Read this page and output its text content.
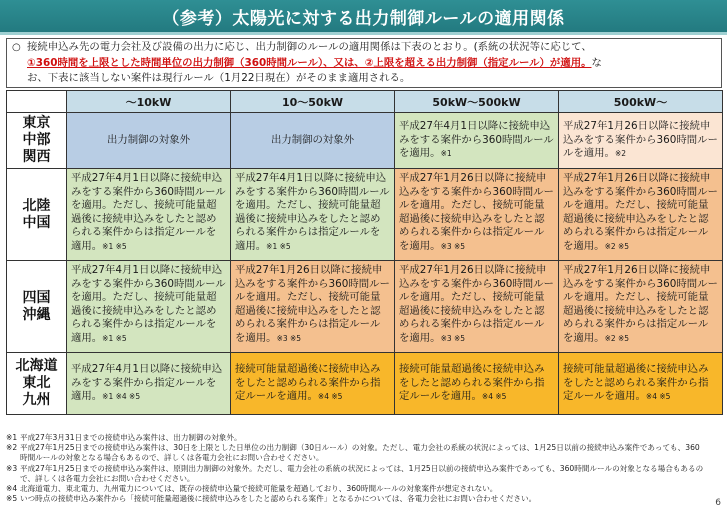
（参考）太陽光に対する出力制御ルールの適用関係
○ 接続申込み先の電力会社及び設備の出力に応じ、出力制御のルールの適用関係は下表のとおり。(系統の状況等に応じて、
①360時間を上限とした時間単位の出力制御（360時間ルール）、又は、②上限を超える出力制御（指定ルール）が適用。な
お、下表に該当しない案件は現行ルール（1月22日現在）がそのまま適用される。
	〜10kW	10〜50kW	50kW〜500kW	500kW〜
東京
中部
関西	出力制御の対象外	出力制御の対象外	平成27年4月1日以降に接続申込みをする案件から360時間ルールを適用。※1	平成27年1月26日以降に接続申込みをする案件から360時間ルールを適用。※2
北陸
中国	平成27年4月1日以降に接続申込みをする案件から360時間ルールを適用。ただし、接続可能量超過後に接続申込みをしたと認められる案件からは指定ルールを適用。※1 ※5	平成27年4月1日以降に接続申込みをする案件から360時間ルールを適用。ただし、接続可能量超過後に接続申込みをしたと認められる案件からは指定ルールを適用。※1 ※5	平成27年1月26日以降に接続申込みをする案件から360時間ルールを適用。ただし、接続可能量超過後に接続申込みをしたと認められる案件からは指定ルールを適用。※3 ※5	平成27年1月26日以降に接続申込みをする案件から360時間ルールを適用。ただし、接続可能量超過後に接続申込みをしたと認められる案件からは指定ルールを適用。※2 ※5
四国
沖縄	平成27年4月1日以降に接続申込みをする案件から360時間ルールを適用。ただし、接続可能量超過後に接続申込みをしたと認められる案件からは指定ルールを適用。※1 ※5	平成27年1月26日以降に接続申込みをする案件から360時間ルールを適用。ただし、接続可能量超過後に接続申込みをしたと認められる案件からは指定ルールを適用。※3 ※5	平成27年1月26日以降に接続申込みをする案件から360時間ルールを適用。ただし、接続可能量超過後に接続申込みをしたと認められる案件からは指定ルールを適用。※3 ※5	平成27年1月26日以降に接続申込みをする案件から360時間ルールを適用。ただし、接続可能量超過後に接続申込みをしたと認められる案件からは指定ルールを適用。※2 ※5
北海道
東北
九州	平成27年4月1日以降に接続申込みをする案件から指定ルールを適用。※1 ※4 ※5	接続可能量超過後に接続申込みをしたと認められる案件から指定ルールを適用。※4 ※5	接続可能量超過後に接続申込みをしたと認められる案件から指定ルールを適用。※4 ※5	接続可能量超過後に接続申込みをしたと認められる案件から指定ルールを適用。※4 ※5
※1 平成27年3月31日までの接続申込み案件は、出力制御の対象外。
※2 平成27年1月25日までの接続申込み案件は、30日を上限とした日単位の出力制御（30日ルール）の対象。ただし、電力会社の系統の状況によっては、1月25日以前の接続申込み案件であっても、360時間ルールの対象となる場合もあるので、詳しくは各電力会社にお問い合わせください。
※3 平成27年1月25日までの接続申込み案件は、原則出力制御の対象外。ただし、電力会社の系統の状況によっては、1月25日以前の接続申込み案件であっても、360時間ルールの対象となる場合もあるので、詳しくは各電力会社にお問い合わせください。
※4 北海道電力、東北電力、九州電力については、既存の接続申込量で接続可能量を超過しており、360時間ルールの対象案件が想定されない。
※5 いつ時点の接続申込み案件から「接続可能量超過後に接続申込みをしたと認められる案件」となるかについては、各電力会社にお問い合わせください。	6
